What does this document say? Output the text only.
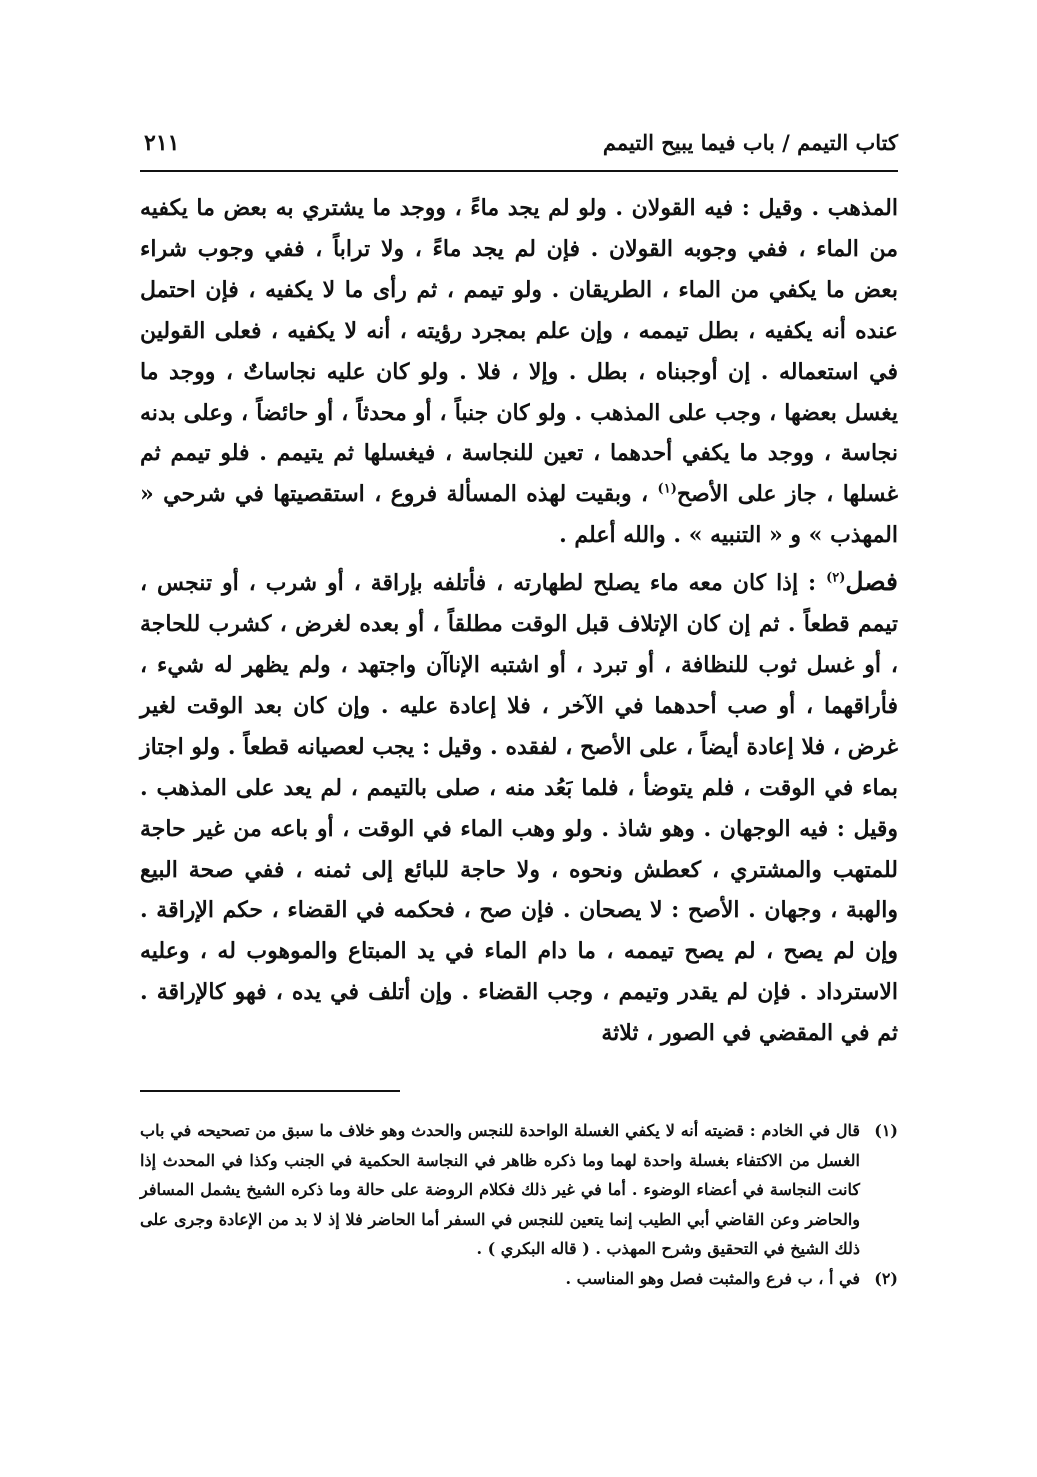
كتاب التيمم / باب فيما يبيح التيمم
٢١١
المذهب . وقيل : فيه القولان . ولو لم يجد ماءً ، ووجد ما يشتري به بعض ما يكفيه من الماء ، ففي وجوبه القولان . فإن لم يجد ماءً ، ولا تراباً ، ففي وجوب شراء بعض ما يكفي من الماء ، الطريقان . ولو تيمم ، ثم رأى ما لا يكفيه ، فإن احتمل عنده أنه يكفيه ، بطل تيممه ، وإن علم بمجرد رؤيته ، أنه لا يكفيه ، فعلى القولين في استعماله . إن أوجبناه ، بطل . وإلا ، فلا . ولو كان عليه نجاساتٌ ، ووجد ما يغسل بعضها ، وجب على المذهب . ولو كان جنباً ، أو محدثاً ، أو حائضاً ، وعلى بدنه نجاسة ، ووجد ما يكفي أحدهما ، تعين للنجاسة ، فيغسلها ثم يتيمم . فلو تيمم ثم غسلها ، جاز على الأصح$^{(١)}$ ، وبقيت لهذه المسألة فروع ، استقصيتها في شرحي « المهذب » و « التنبيه » . والله أعلم .
فصل$^{(٢)}$ : إذا كان معه ماء يصلح لطهارته ، فأتلفه بإراقة ، أو شرب ، أو تنجس ، تيمم قطعاً . ثم إن كان الإتلاف قبل الوقت مطلقاً ، أو بعده لغرض ، كشرب للحاجة ، أو غسل ثوب للنظافة ، أو تبرد ، أو اشتبه الإناآن واجتهد ، ولم يظهر له شيء ، فأراقهما ، أو صب أحدهما في الآخر ، فلا إعادة عليه . وإن كان بعد الوقت لغير غرض ، فلا إعادة أيضاً ، على الأصح ، لفقده . وقيل : يجب لعصيانه قطعاً . ولو اجتاز بماء في الوقت ، فلم يتوضأ ، فلما بَعُد منه ، صلى بالتيمم ، لم يعد على المذهب . وقيل : فيه الوجهان . وهو شاذ . ولو وهب الماء في الوقت ، أو باعه من غير حاجة للمتهب والمشتري ، كعطش ونحوه ، ولا حاجة للبائع إلى ثمنه ، ففي صحة البيع والهبة ، وجهان . الأصح : لا يصحان . فإن صح ، فحكمه في القضاء ، حكم الإراقة . وإن لم يصح ، لم يصح تيممه ، ما دام الماء في يد المبتاع والموهوب له ، وعليه الاسترداد . فإن لم يقدر وتيمم ، وجب القضاء . وإن أتلف في يده ، فهو كالإراقة . ثم في المقضي في الصور ، ثلاثة
(١)
قال في الخادم : قضيته أنه لا يكفي الغسلة الواحدة للنجس والحدث وهو خلاف ما سبق من تصحيحه في باب الغسل من الاكتفاء بغسلة واحدة لهما وما ذكره ظاهر في النجاسة الحكمية في الجنب وكذا في المحدث إذا كانت النجاسة في أعضاء الوضوء . أما في غير ذلك فكلام الروضة على حالة وما ذكره الشيخ يشمل المسافر والحاضر وعن القاضي أبي الطيب إنما يتعين للنجس في السفر أما الحاضر فلا إذ لا بد من الإعادة وجرى على ذلك الشيخ في التحقيق وشرح المهذب . ( قاله البكري ) .
(٢)
في أ ، ب فرع والمثبت فصل وهو المناسب .
